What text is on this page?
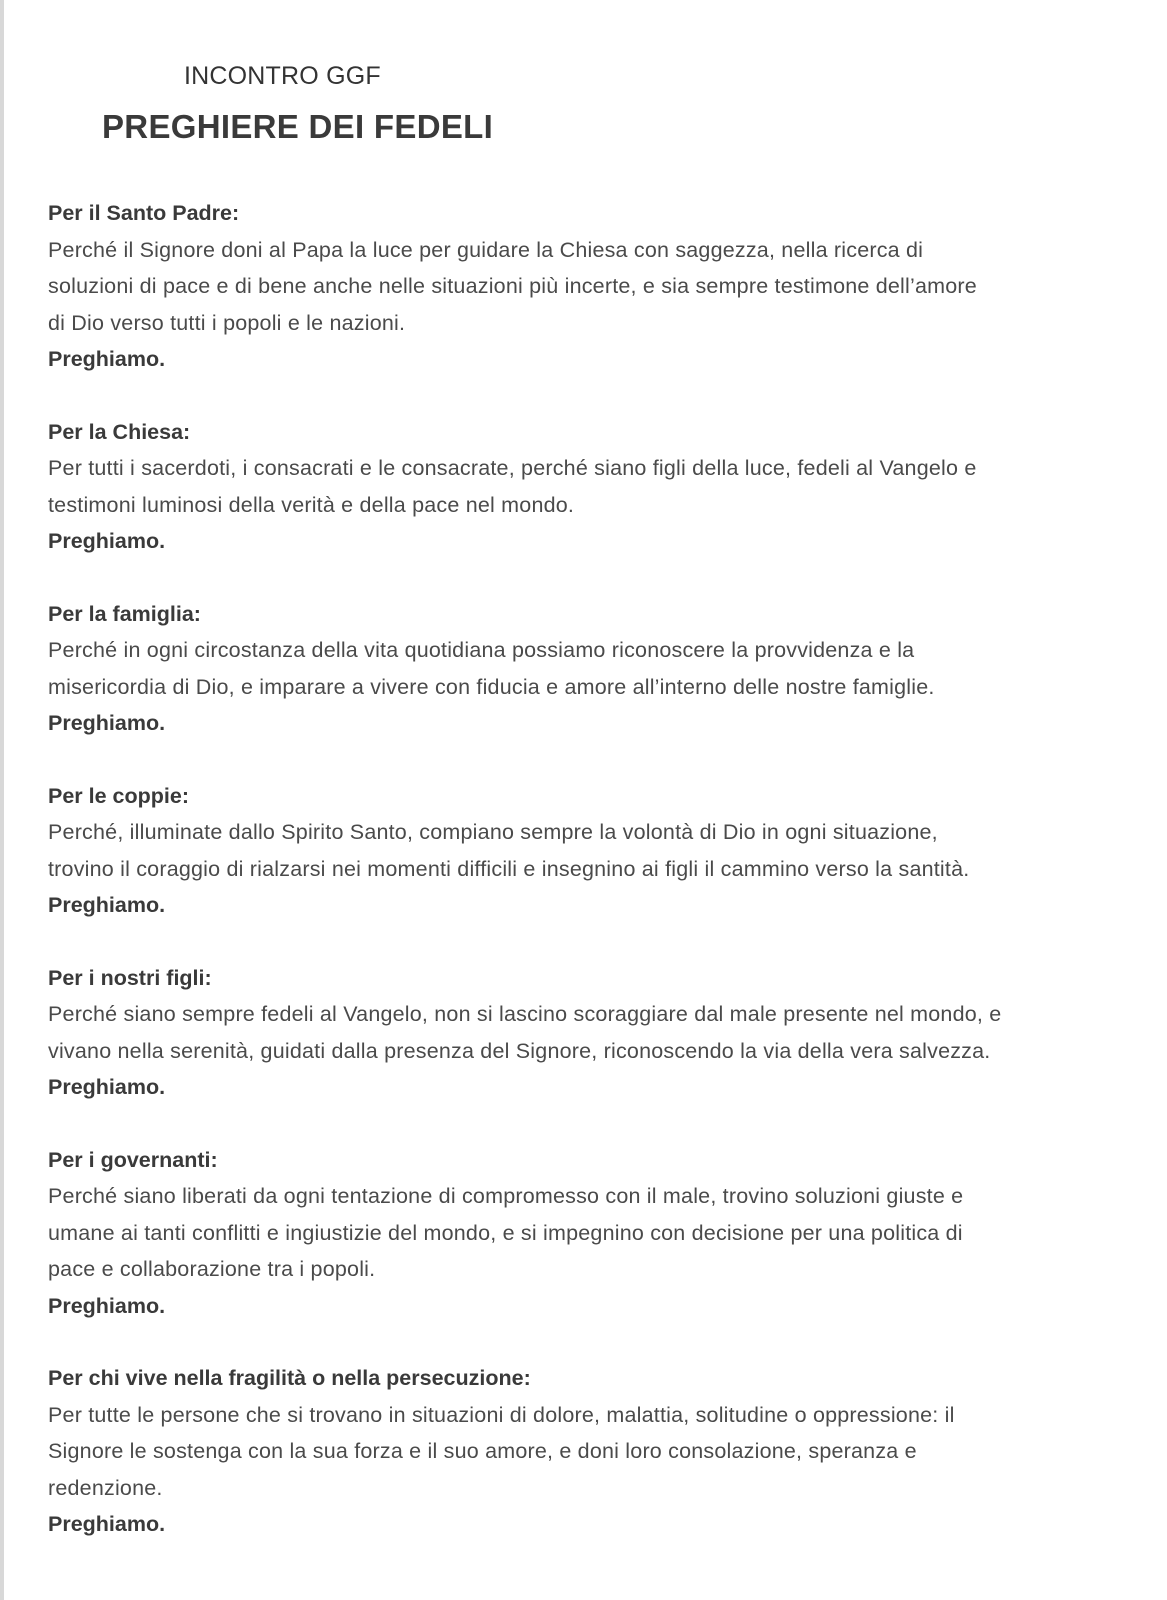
INCONTRO GGF
PREGHIERE DEI FEDELI
Per il Santo Padre:
Perché il Signore doni al Papa la luce per guidare la Chiesa con saggezza, nella ricerca di
soluzioni di pace e di bene anche nelle situazioni più incerte, e sia sempre testimone dell’amore
di Dio verso tutti i popoli e le nazioni.
Preghiamo.
Per la Chiesa:
Per tutti i sacerdoti, i consacrati e le consacrate, perché siano figli della luce, fedeli al Vangelo e
testimoni luminosi della verità e della pace nel mondo.
Preghiamo.
Per la famiglia:
Perché in ogni circostanza della vita quotidiana possiamo riconoscere la provvidenza e la
misericordia di Dio, e imparare a vivere con fiducia e amore all’interno delle nostre famiglie.
Preghiamo.
Per le coppie:
Perché, illuminate dallo Spirito Santo, compiano sempre la volontà di Dio in ogni situazione,
trovino il coraggio di rialzarsi nei momenti difficili e insegnino ai figli il cammino verso la santità.
Preghiamo.
Per i nostri figli:
Perché siano sempre fedeli al Vangelo, non si lascino scoraggiare dal male presente nel mondo, e
vivano nella serenità, guidati dalla presenza del Signore, riconoscendo la via della vera salvezza.
Preghiamo.
Per i governanti:
Perché siano liberati da ogni tentazione di compromesso con il male, trovino soluzioni giuste e
umane ai tanti conflitti e ingiustizie del mondo, e si impegnino con decisione per una politica di
pace e collaborazione tra i popoli.
Preghiamo.
Per chi vive nella fragilità o nella persecuzione:
Per tutte le persone che si trovano in situazioni di dolore, malattia, solitudine o oppressione: il
Signore le sostenga con la sua forza e il suo amore, e doni loro consolazione, speranza e
redenzione.
Preghiamo.
